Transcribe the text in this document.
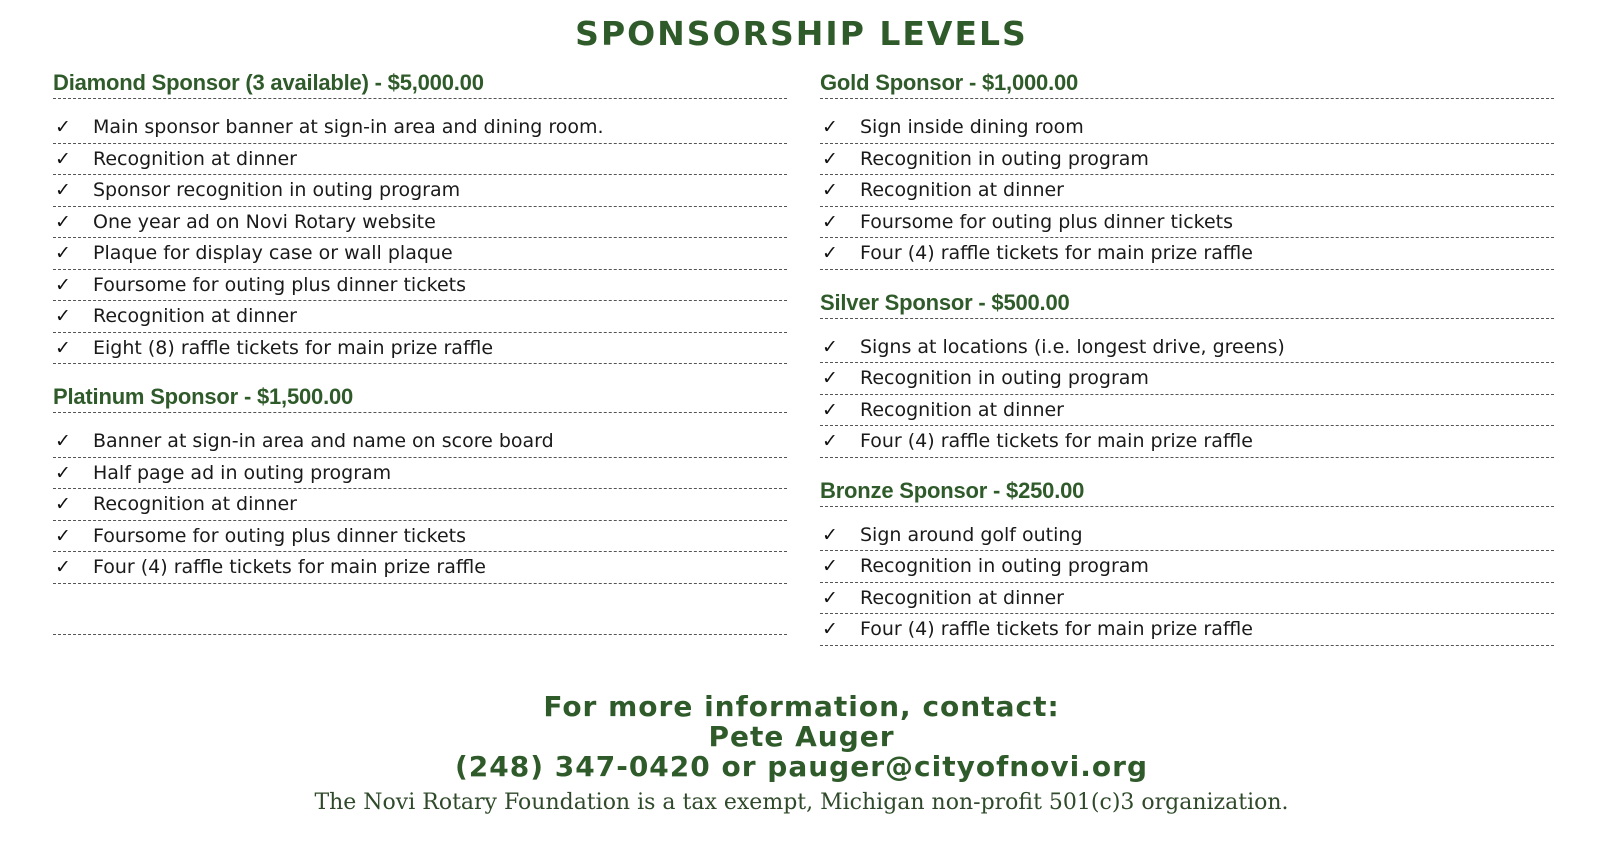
SPONSORSHIP LEVELS
Diamond Sponsor (3 available) - $5,000.00
✓	Main sponsor banner at sign-in area and dining room.
✓	Recognition at dinner
✓	Sponsor recognition in outing program
✓	One year ad on Novi Rotary website
✓	Plaque for display case or wall plaque
✓	Foursome for outing plus dinner tickets
✓	Recognition at dinner
✓	Eight (8) raffle tickets for main prize raffle
Platinum Sponsor - $1,500.00
✓	Banner at sign-in area and name on score board
✓	Half page ad in outing program
✓	Recognition at dinner
✓	Foursome for outing plus dinner tickets
✓	Four (4) raffle tickets for main prize raffle
Gold Sponsor - $1,000.00
✓	Sign inside dining room
✓	Recognition in outing program
✓	Recognition at dinner
✓	Foursome for outing plus dinner tickets
✓	Four (4) raffle tickets for main prize raffle
Silver Sponsor - $500.00
✓	Signs at locations (i.e. longest drive, greens)
✓	Recognition in outing program
✓	Recognition at dinner
✓	Four (4) raffle tickets for main prize raffle
Bronze Sponsor - $250.00
✓	Sign around golf outing
✓	Recognition in outing program
✓	Recognition at dinner
✓	Four (4) raffle tickets for main prize raffle
For more information, contact:
Pete Auger
(248) 347-0420 or pauger@cityofnovi.org
The Novi Rotary Foundation is a tax exempt, Michigan non-profit 501(c)3 organization.
